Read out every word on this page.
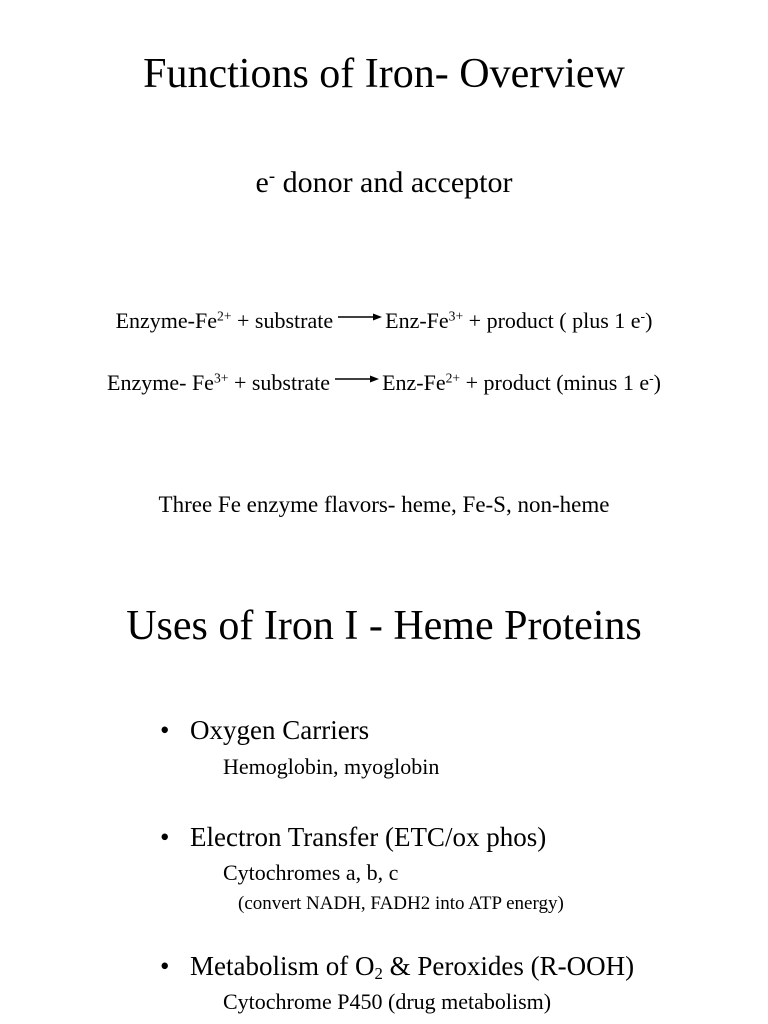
Functions of Iron- Overview
e- donor and acceptor
Enzyme-$Fe^{2+}$ + substrate Enz-$Fe^{3+}$ + product ( plus 1 e-)
Enzyme- $Fe^{3+}$ + substrate Enz-$Fe^{2+}$ + product (minus 1 e-)
Three Fe enzyme flavors- heme, Fe-S, non-heme
Uses of Iron I - Heme Proteins
• Oxygen Carriers
Hemoglobin, myoglobin
• Electron Transfer (ETC/ox phos)
Cytochromes a, b, c
(convert NADH, FADH2 into ATP energy)
• Metabolism of $O_2$ & Peroxides (R-OOH)
Cytochrome P450 (drug metabolism)
